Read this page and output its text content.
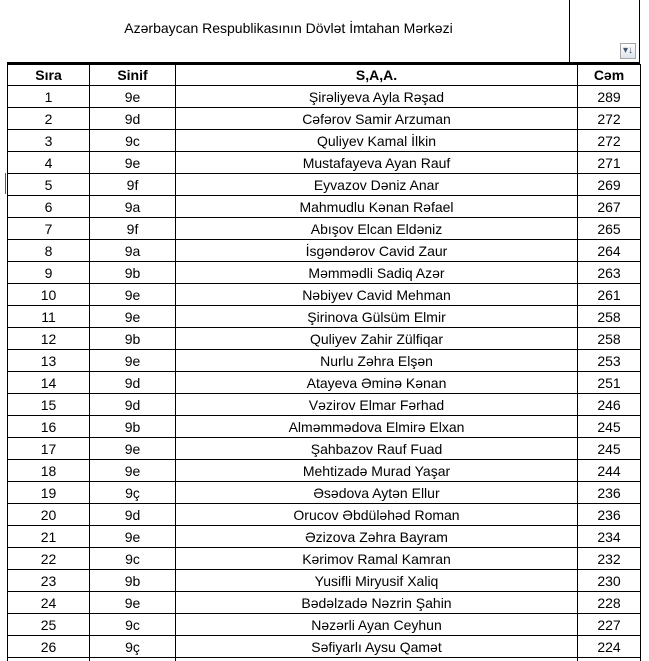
Azərbaycan Respublikasının Dövlət İmtahan Mərkəzi
▾↓
Sıra	Sinif	S,A,A.	Cəm
1	9e	Şirəliyeva Ayla Rəşad	289
2	9d	Cəfərov Samir Arzuman	272
3	9c	Quliyev Kamal İlkin	272
4	9e	Mustafayeva Ayan Rauf	271
5	9f	Eyvazov Dəniz Anar	269
6	9a	Mahmudlu Kənan Rəfael	267
7	9f	Abışov Elcan Eldəniz	265
8	9a	İsgəndərov Cavid Zaur	264
9	9b	Məmmədli Sadiq Azər	263
10	9e	Nəbiyev Cavid Mehman	261
11	9e	Şirinova Gülsüm Elmir	258
12	9b	Quliyev Zahir Zülfiqar	258
13	9e	Nurlu Zəhra Elşən	253
14	9d	Atayeva Əminə Kənan	251
15	9d	Vəzirov Elmar Fərhad	246
16	9b	Alməmmədova Elmirə Elxan	245
17	9e	Şahbazov Rauf Fuad	245
18	9e	Mehtizadə Murad Yaşar	244
19	9ç	Əsədova Aytən Ellur	236
20	9d	Orucov Əbdüləhəd Roman	236
21	9e	Əzizova Zəhra Bayram	234
22	9c	Kərimov Ramal Kamran	232
23	9b	Yusifli Miryusif Xaliq	230
24	9e	Bədəlzadə Nəzrin Şahin	228
25	9c	Nəzərli Ayan Ceyhun	227
26	9ç	Səfiyarlı Aysu Qamət	224
